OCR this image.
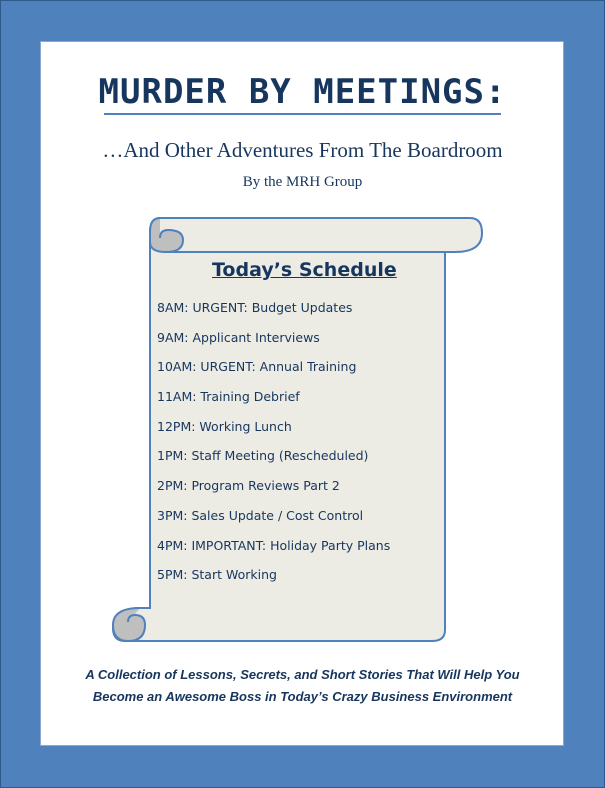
MURDER BY MEETINGS:
…And Other Adventures From The Boardroom
By the MRH Group
Today’s Schedule
8AM: URGENT: Budget Updates
9AM: Applicant Interviews
10AM: URGENT: Annual Training
11AM: Training Debrief
12PM: Working Lunch
1PM: Staff Meeting (Rescheduled)
2PM: Program Reviews Part 2
3PM: Sales Update / Cost Control
4PM: IMPORTANT: Holiday Party Plans
5PM: Start Working
A Collection of Lessons, Secrets, and Short Stories That Will Help You
Become an Awesome Boss in Today’s Crazy Business Environment
